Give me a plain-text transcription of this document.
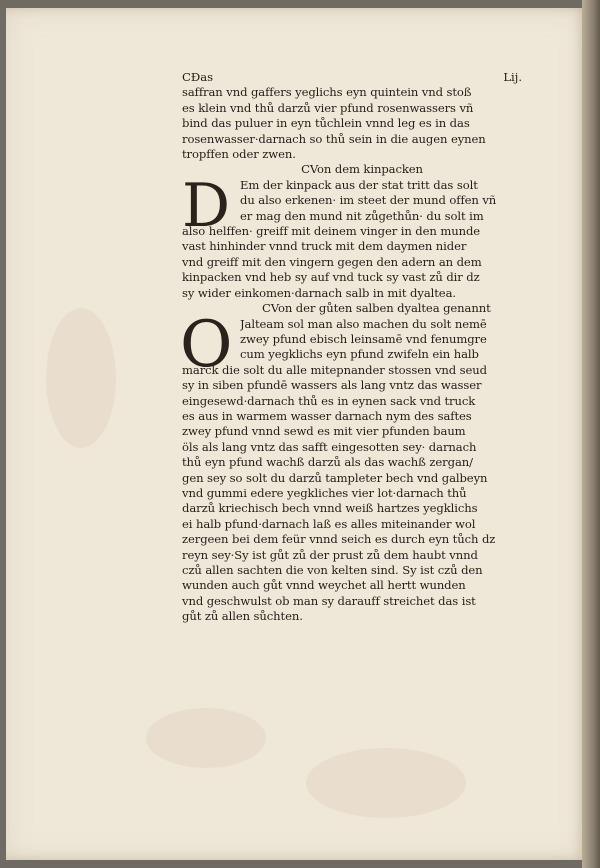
CĐas	Lij.
saffran vnd gaffers yeglichs eyn quintein vnd stoß
es klein vnd thů darzů vier pfund rosenwassers vñ
bind das puluer in eyn tůchlein vnnd leg es in das
rosenwasser·darnach so thů sein in die augen eynen
tropffen oder zwen.
CVon dem kinpacken
D Em der kinpack aus der stat tritt das solt
du also erkenen· im steet der mund offen vñ
er mag den mund nit zůgethůn· du solt im
also helffen· greiff mit deinem vinger in den munde
vast hinhinder vnnd truck mit dem daymen nider
vnd greiff mit den vingern gegen den adern an dem
kinpacken vnd heb sy auf vnd tuck sy vast zů dir dz
sy wider einkomen·darnach salb in mit dyaltea.
CVon der gůten salben dyaltea genannt
O Jalteam sol man also machen du solt nemē
zwey pfund ebisch leinsamē vnd fenumgre
cum yegklichs eyn pfund zwifeln ein halb
marck die solt du alle mitepnander stossen vnd seud
sy in siben pfundē wassers als lang vntz das wasser
eingesewd·darnach thů es in eynen sack vnd truck
es aus in warmem wasser darnach nym des saftes
zwey pfund vnnd sewd es mit vier pfunden baum
öls als lang vntz das safft eingesotten sey· darnach
thů eyn pfund wachß darzů als das wachß zergan/
gen sey so solt du darzů tampleter bech vnd galbeyn
vnd gummi edere yegkliches vier lot·darnach thů
darzů kriechisch bech vnnd weiß hartzes yegklichs
ei halb pfund·darnach laß es alles miteinander wol
zergeen bei dem feür vnnd seich es durch eyn tůch dz
reyn sey·Sy ist gůt zů der prust zů dem haubt vnnd
czů allen sachten die von kelten sind. Sy ist czů den
wunden auch gůt vnnd weychet all hertt wunden
vnd geschwulst ob man sy darauff streichet das ist
gůt zů allen sůchten.
